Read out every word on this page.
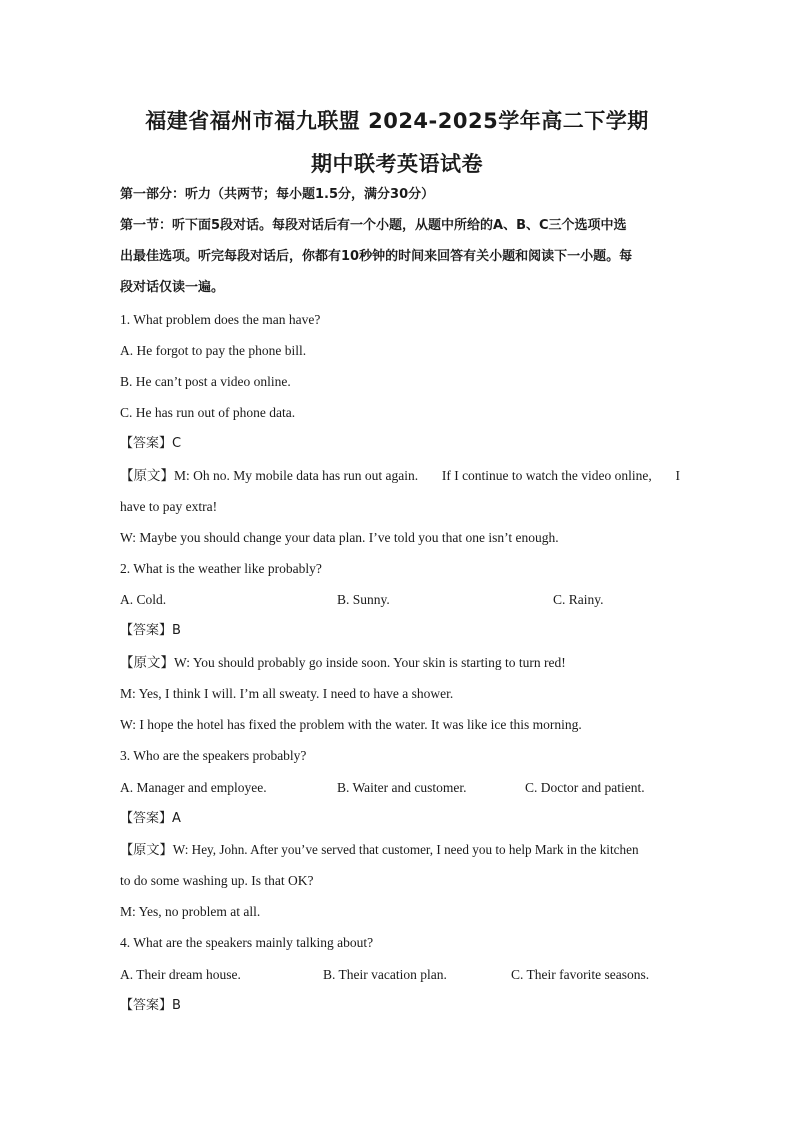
福建省福州市福九联盟 2024-2025学年高二下学期
期中联考英语试卷
第一部分：听力（共两节；每小题1.5分，满分30分）
第一节：听下面5段对话。每段对话后有一个小题，从题中所给的A、B、C三个选项中选
出最佳选项。听完每段对话后，你都有10秒钟的时间来回答有关小题和阅读下一小题。每
段对话仅读一遍。
1. What problem does the man have?
A. He forgot to pay the phone bill.
B. He can’t post a video online.
C. He has run out of phone data.
【答案】C
【原文】M: Oh no. My mobile data has run out again. If I continue to watch the video online, I
have to pay extra!
W: Maybe you should change your data plan. I’ve told you that one isn’t enough.
2. What is the weather like probably?
A. Cold.	B. Sunny.	C. Rainy.
【答案】B
【原文】W: You should probably go inside soon. Your skin is starting to turn red!
M: Yes, I think I will. I’m all sweaty. I need to have a shower.
W: I hope the hotel has fixed the problem with the water. It was like ice this morning.
3. Who are the speakers probably?
A. Manager and employee.	B. Waiter and customer.	C. Doctor and patient.
【答案】A
【原文】W: Hey, John. After you’ve served that customer, I need you to help Mark in the kitchen
to do some washing up. Is that OK?
M: Yes, no problem at all.
4. What are the speakers mainly talking about?
A. Their dream house.	B. Their vacation plan.	C. Their favorite seasons.
【答案】B
